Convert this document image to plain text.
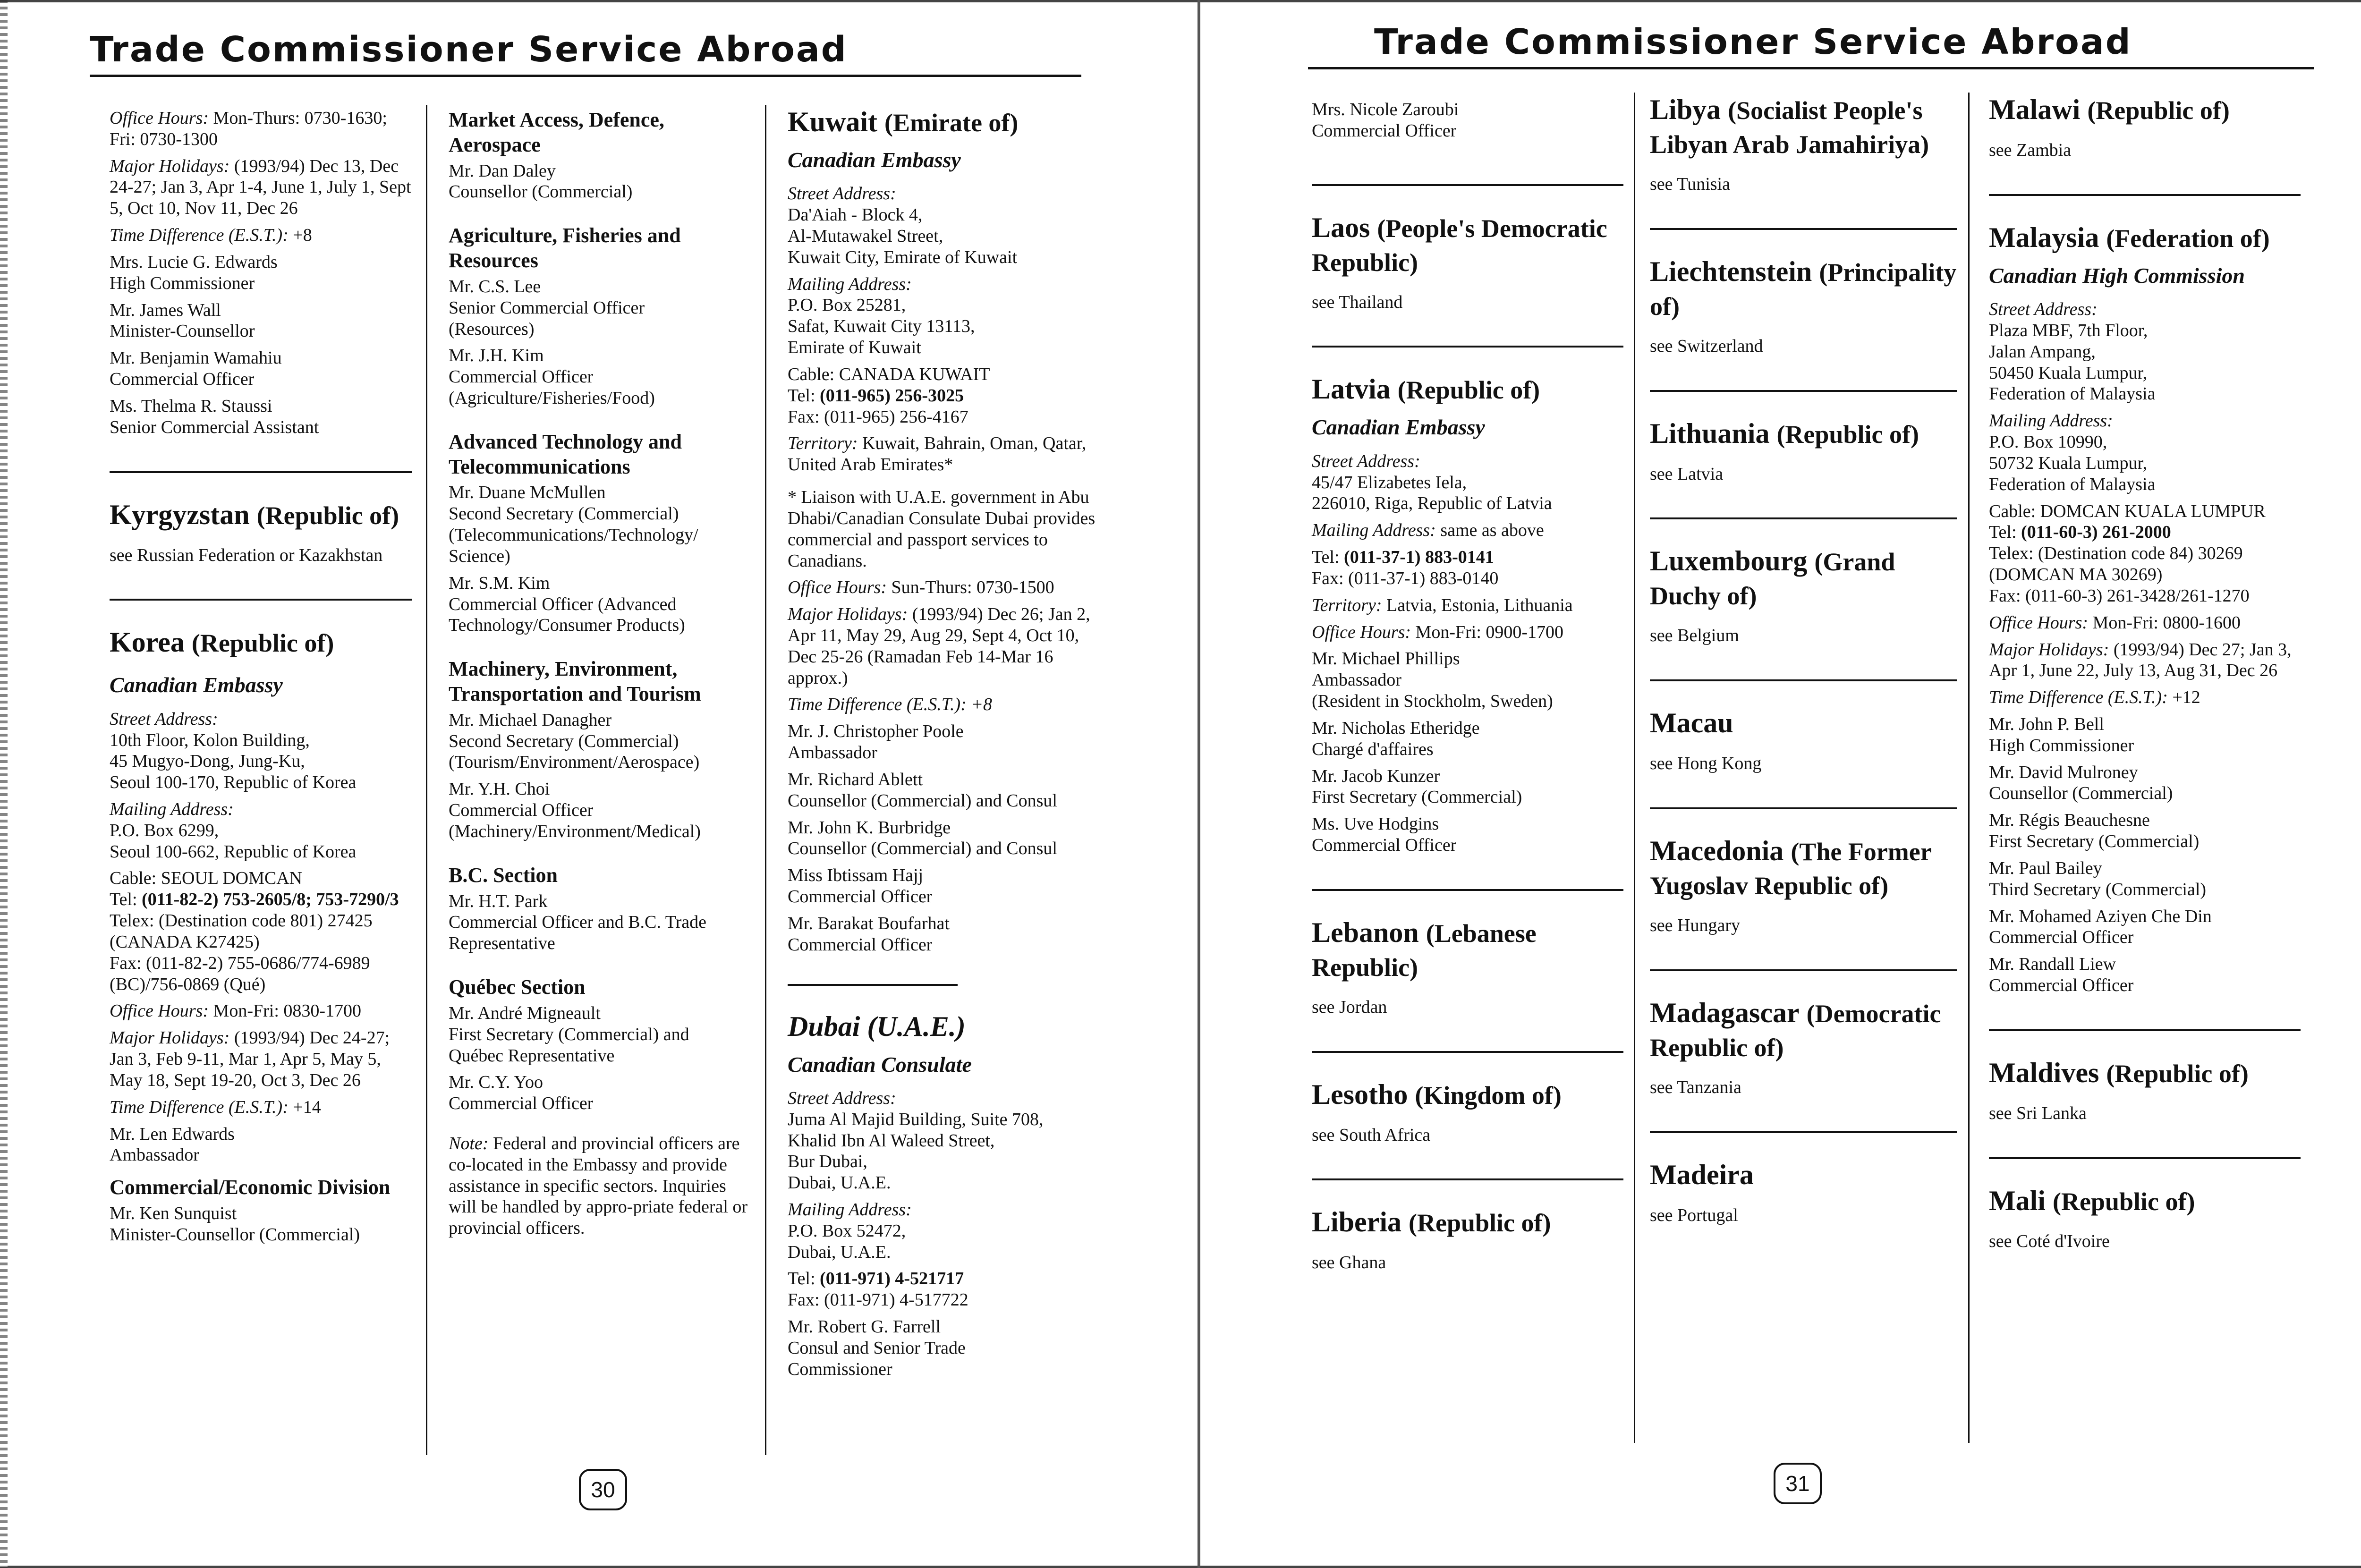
Trade Commissioner Service Abroad

Office Hours: Mon-Thurs: 0730-1630; Fri: 0730-1300

Major Holidays: (1993/94) Dec 13, Dec 24-27; Jan 3, Apr 1-4, June 1, July 1, Sept 5, Oct 10, Nov 11, Dec 26

Time Difference (E.S.T.): +8

Mrs. Lucie G. Edwards
High Commissioner

Mr. James Wall
Minister-Counsellor

Mr. Benjamin Wamahiu
Commercial Officer

Ms. Thelma R. Staussi
Senior Commercial Assistant

Kyrgyzstan (Republic of)

see Russian Federation or Kazakhstan

Korea (Republic of)
Canadian Embassy

Street Address:

10th Floor, Kolon Building,
45 Mugyo-Dong, Jung-Ku,
Seoul 100-170, Republic of Korea

Mailing Address:

P.O. Box 6299,
Seoul 100-662, Republic of Korea

Cable: SEOUL DOMCAN

Tel: (011-82-2) 753-2605/8; 753-7290/3

Telex: (Destination code 801) 27425
(CANADA K27425)

Fax: (011-82-2) 755-0686/774-6989
(BC)/756-0869 (Qué)

Office Hours: Mon-Fri: 0830-1700

Major Holidays: (1993/94) Dec 24-27; Jan 3, Feb 9-11, Mar 1, Apr 5, May 5, May 18, Sept 19-20, Oct 3, Dec 26

Time Difference (E.S.T.): +14

Mr. Len Edwards
Ambassador

Commercial/Economic Division

Mr. Ken Sunquist
Minister-Counsellor (Commercial)

Market Access, Defence, Aerospace

Mr. Dan Daley
Counsellor (Commercial)

Agriculture, Fisheries and Resources

Mr. C.S. Lee
Senior Commercial Officer
(Resources)

Mr. J.H. Kim
Commercial Officer
(Agriculture/Fisheries/Food)

Advanced Technology and Telecommunications

Mr. Duane McMullen
Second Secretary (Commercial)
(Telecommunications/Technology/
Science)

Mr. S.M. Kim
Commercial Officer (Advanced
Technology/Consumer Products)

Machinery, Environment, Transportation and Tourism

Mr. Michael Danagher
Second Secretary (Commercial)
(Tourism/Environment/Aerospace)

Mr. Y.H. Choi
Commercial Officer
(Machinery/Environment/Medical)

B.C. Section

Mr. H.T. Park
Commercial Officer and B.C. Trade
Representative

Québec Section

Mr. André Migneault
First Secretary (Commercial) and
Québec Representative

Mr. C.Y. Yoo
Commercial Officer

Note: Federal and provincial officers are co-located in the Embassy and provide assistance in specific sectors. Inquiries will be handled by appro-priate federal or provincial officers.

Kuwait (Emirate of)
Canadian Embassy

Street Address:

Da'Aiah - Block 4,
Al-Mutawakel Street,
Kuwait City, Emirate of Kuwait

Mailing Address:

P.O. Box 25281,
Safat, Kuwait City 13113,
Emirate of Kuwait

Cable: CANADA KUWAIT

Tel: (011-965) 256-3025

Fax: (011-965) 256-4167

Territory: Kuwait, Bahrain, Oman, Qatar, United Arab Emirates*

* Liaison with U.A.E. government in Abu Dhabi/Canadian Consulate Dubai provides commercial and passport services to Canadians.

Office Hours: Sun-Thurs: 0730-1500

Major Holidays: (1993/94) Dec 26; Jan 2, Apr 11, May 29, Aug 29, Sept 4, Oct 10, Dec 25-26 (Ramadan Feb 14-Mar 16 approx.)

Time Difference (E.S.T.): +8

Mr. J. Christopher Poole
Ambassador

Mr. Richard Ablett
Counsellor (Commercial) and Consul

Mr. John K. Burbridge
Counsellor (Commercial) and Consul

Miss Ibtissam Hajj
Commercial Officer

Mr. Barakat Boufarhat
Commercial Officer

Dubai (U.A.E.)
Canadian Consulate

Street Address:

Juma Al Majid Building, Suite 708,
Khalid Ibn Al Waleed Street,
Bur Dubai,
Dubai, U.A.E.

Mailing Address:

P.O. Box 52472,
Dubai, U.A.E.

Tel: (011-971) 4-521717

Fax: (011-971) 4-517722

Mr. Robert G. Farrell
Consul and Senior Trade
Commissioner

30
Trade Commissioner Service Abroad

Mrs. Nicole Zaroubi
Commercial Officer

Laos (People's Democratic Republic)

see Thailand

Latvia (Republic of)
Canadian Embassy

Street Address:

45/47 Elizabetes Iela,
226010, Riga, Republic of Latvia

Mailing Address: same as above

Tel: (011-37-1) 883-0141

Fax: (011-37-1) 883-0140

Territory: Latvia, Estonia, Lithuania

Office Hours: Mon-Fri: 0900-1700

Mr. Michael Phillips
Ambassador
(Resident in Stockholm, Sweden)

Mr. Nicholas Etheridge
Chargé d'affaires

Mr. Jacob Kunzer
First Secretary (Commercial)

Ms. Uve Hodgins
Commercial Officer

Lebanon (Lebanese Republic)

see Jordan

Lesotho (Kingdom of)

see South Africa

Liberia (Republic of)

see Ghana

Libya (Socialist People's Libyan Arab Jamahiriya)

see Tunisia

Liechtenstein (Principality of)

see Switzerland

Lithuania (Republic of)

see Latvia

Luxembourg (Grand Duchy of)

see Belgium

Macau

see Hong Kong

Macedonia (The Former Yugoslav Republic of)

see Hungary

Madagascar (Democratic Republic of)

see Tanzania

Madeira

see Portugal

Malawi (Republic of)

see Zambia

Malaysia (Federation of)
Canadian High Commission

Street Address:

Plaza MBF, 7th Floor,
Jalan Ampang,
50450 Kuala Lumpur,
Federation of Malaysia

Mailing Address:

P.O. Box 10990,
50732 Kuala Lumpur,
Federation of Malaysia

Cable: DOMCAN KUALA LUMPUR

Tel: (011-60-3) 261-2000

Telex: (Destination code 84) 30269
(DOMCAN MA 30269)

Fax: (011-60-3) 261-3428/261-1270

Office Hours: Mon-Fri: 0800-1600

Major Holidays: (1993/94) Dec 27; Jan 3, Apr 1, June 22, July 13, Aug 31, Dec 26

Time Difference (E.S.T.): +12

Mr. John P. Bell
High Commissioner

Mr. David Mulroney
Counsellor (Commercial)

Mr. Régis Beauchesne
First Secretary (Commercial)

Mr. Paul Bailey
Third Secretary (Commercial)

Mr. Mohamed Aziyen Che Din
Commercial Officer

Mr. Randall Liew
Commercial Officer

Maldives (Republic of)

see Sri Lanka

Mali (Republic of)

see Coté d'Ivoire

31
